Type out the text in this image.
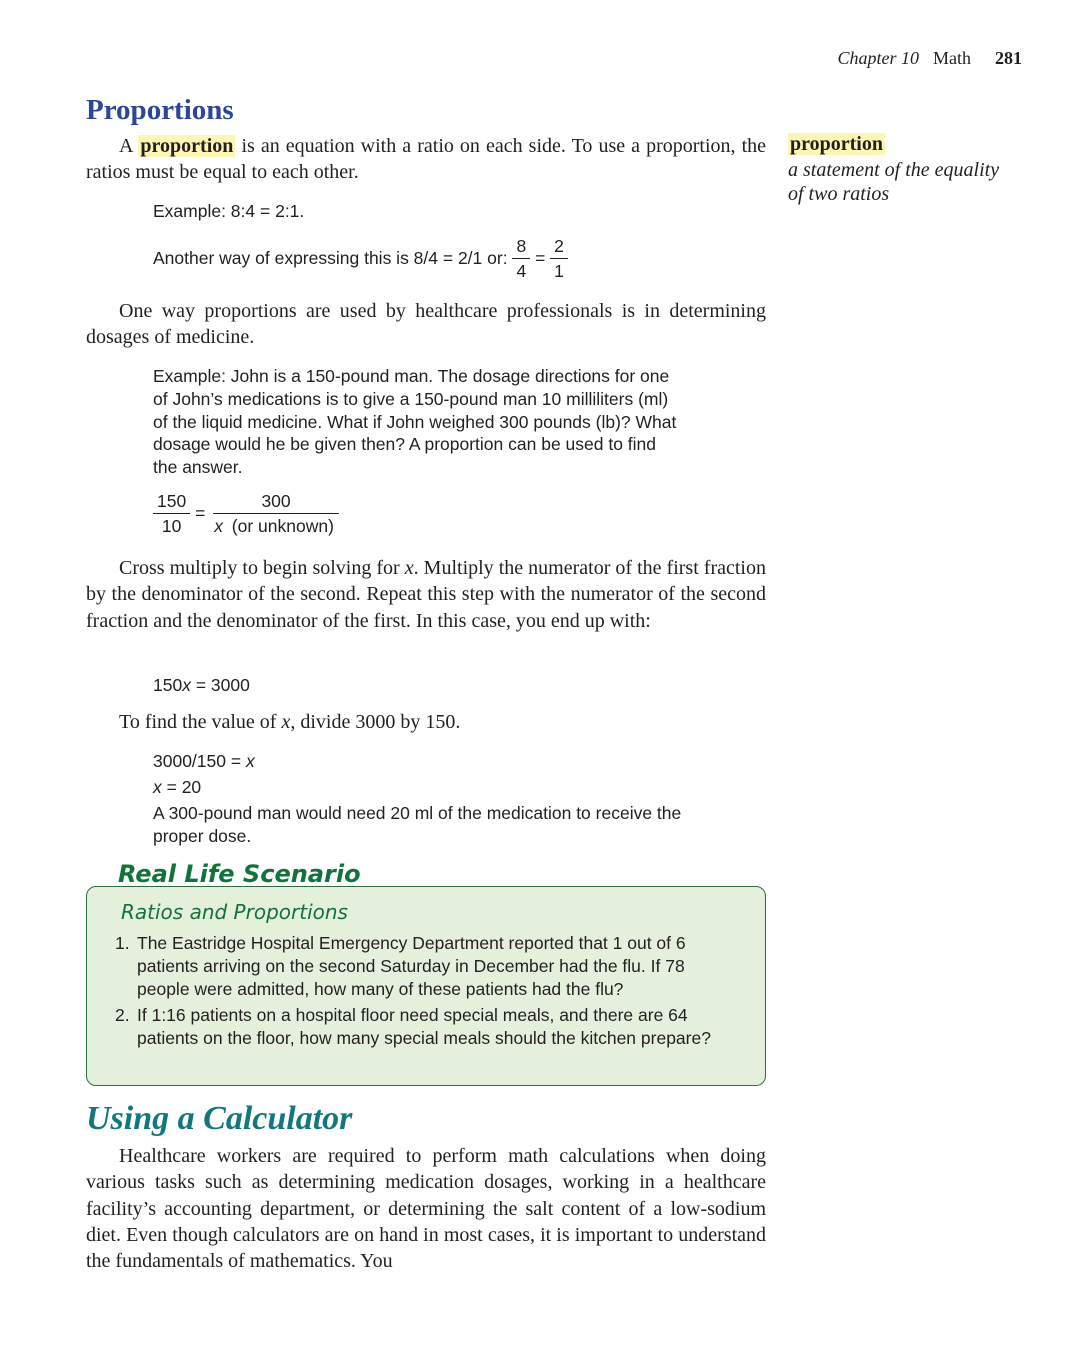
Chapter 10 Math 281
Proportions

A proportion is an equation with a ratio on each side. To use a proportion, the ratios must be equal to each other.

Example: 8:4 = 2:1.
Another way of expressing this is 8/4 = 2/1 or: $\frac{8}{4} = \frac{2}{1}$

One way proportions are used by healthcare professionals is in determining dosages of medicine.

Example: John is a 150-pound man. The dosage directions for one of John’s medications is to give a 150-pound man 10 milliliters (ml) of the liquid medicine. What if John weighed 300 pounds (lb)? What dosage would he be given then? A proportion can be used to find the answer.
$\frac{150}{10} = \frac{300}{\text{x (or unknown)}}$

Cross multiply to begin solving for x. Multiply the numerator of the first fraction by the denominator of the second. Repeat this step with the numerator of the second fraction and the denominator of the first. In this case, you end up with:

150x = 3000

To find the value of x, divide 3000 by 150.

3000/150 = x
x = 20
A 300-pound man would need 20 ml of the medication to receive the proper dose.
proportion
a statement of the equality of two ratios
Real Life Scenario
Ratios and Proportions
1. The Eastridge Hospital Emergency Department reported that 1 out of 6 patients arriving on the second Saturday in December had the flu. If 78 people were admitted, how many of these patients had the flu?
2. If 1:16 patients on a hospital floor need special meals, and there are 64 patients on the floor, how many special meals should the kitchen prepare?
Using a Calculator

Healthcare workers are required to perform math calculations when doing various tasks such as determining medication dosages, working in a healthcare facility’s accounting department, or determining the salt content of a low-sodium diet. Even though calculators are on hand in most cases, it is important to understand the fundamentals of mathematics. You
